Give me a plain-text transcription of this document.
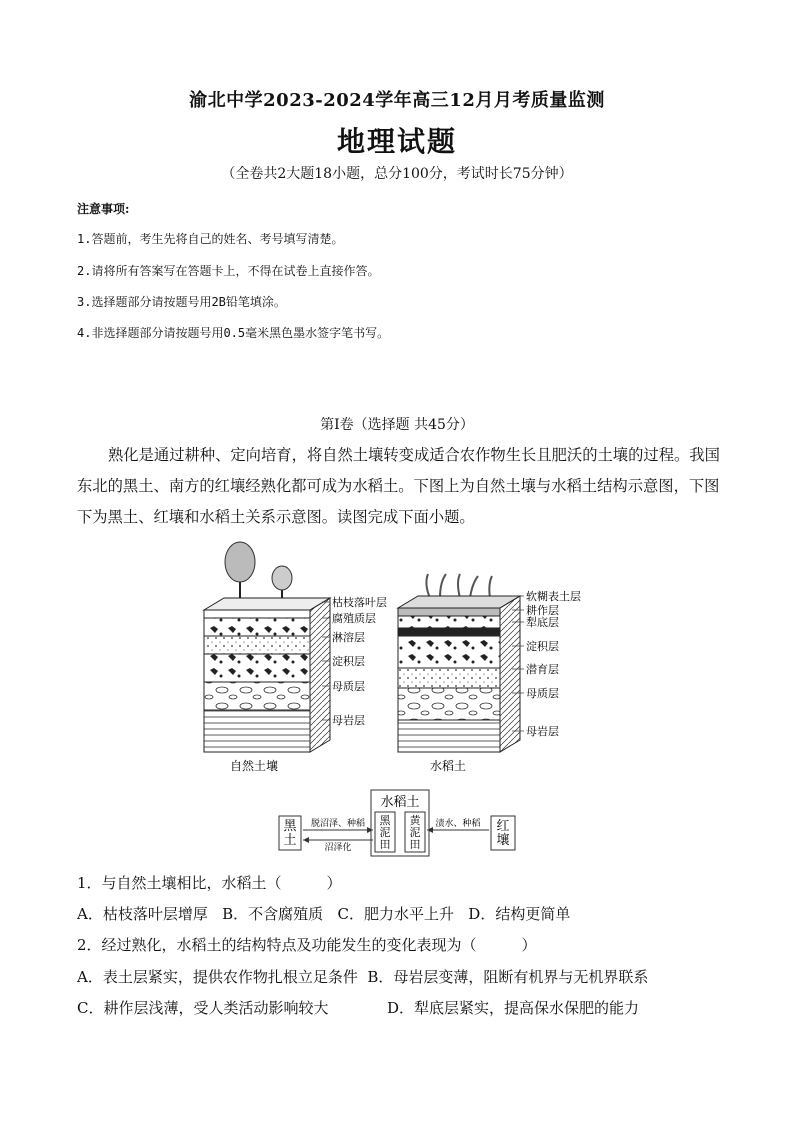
渝北中学2023-2024学年高三12月月考质量监测
地理试题
（全卷共2大题18小题，总分100分，考试时长75分钟）
注意事项:
1.答题前，考生先将自己的姓名、考号填写清楚。
2.请将所有答案写在答题卡上，不得在试卷上直接作答。
3.选择题部分请按题号用2B铅笔填涂。
4.非选择题部分请按题号用0.5毫米黑色墨水签字笔书写。
第Ⅰ卷（选择题 共45分）
熟化是通过耕种、定向培育，将自然土壤转变成适合农作物生长且肥沃的土壤的过程。我国东北的黑土、南方的红壤经熟化都可成为水稻土。下图上为自然土壤与水稻土结构示意图，下图下为黑土、红壤和水稻土关系示意图。读图完成下面小题。
枯枝落叶层
腐殖质层
淋溶层
淀积层
母质层
母岩层
自然土壤
软糊表土层
耕作层
犁底层
淀积层
潜育层
母质层
母岩层
水稻土
水稻土
黑泥田
黄泥田
黑土
红壤
脱沼泽、种稻
沼泽化
渍水、种稻
1．与自然土壤相比，水稻土（　　　）
A．枯枝落叶层增厚 B．不含腐殖质 C．肥力水平上升 D．结构更简单
2．经过熟化，水稻土的结构特点及功能发生的变化表现为（　　　）
A．表土层紧实，提供农作物扎根立足条件 B．母岩层变薄，阻断有机界与无机界联系
C．耕作层浅薄，受人类活动影响较大	D．犁底层紧实，提高保水保肥的能力
